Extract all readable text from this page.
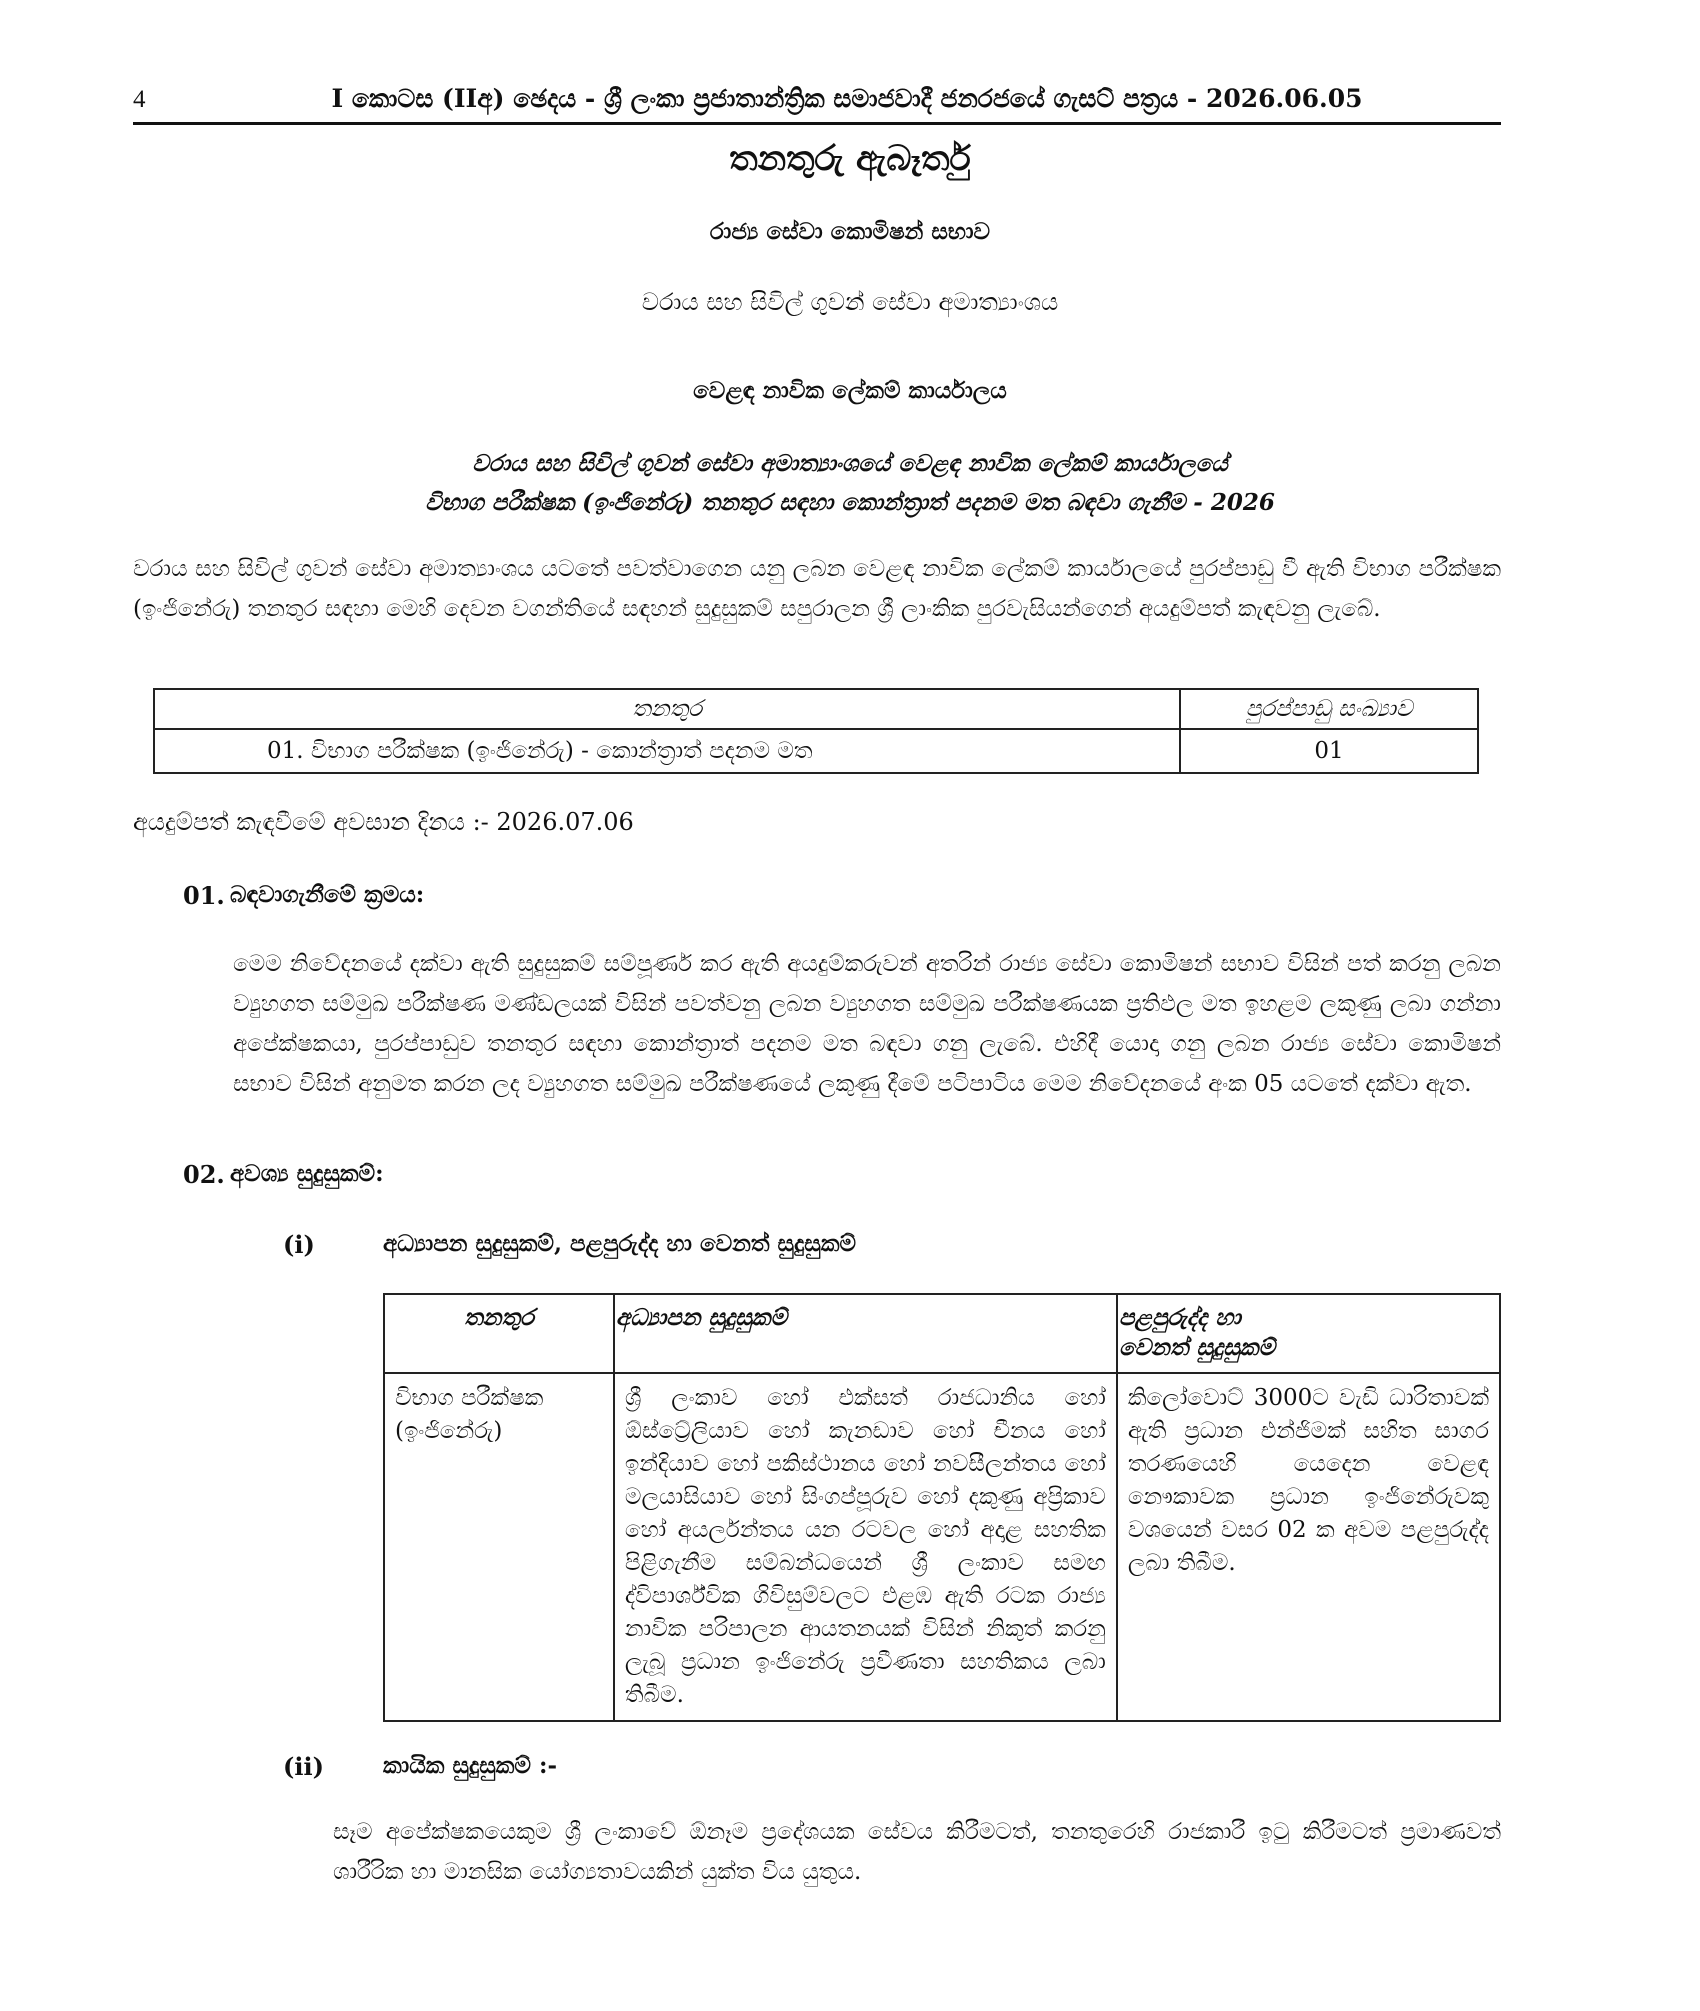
4	I කොටස (IIඅ) ඡෙදය - ශ්‍රී ලංකා ප්‍රජාතාන්ත්‍රික සමාජවාදී ජනරජයේ ගැසට් පත්‍රය - 2026.06.05
තනතුරු ඇබෑර්තු
රාජ්‍ය සේවා කොමිෂන් සභාව
වරාය සහ සිවිල් ගුවන් සේවා අමාත්‍යාංශය
වෙළඳ නාවික ලේකම් කාර්යාලය
වරාය සහ සිවිල් ගුවන් සේවා අමාත්‍යාංශයේ වෙළඳ නාවික ලේකම් කාර්යාලයේ
විභාග පරීක්ෂක (ඉංජිනේරු) තනතුර සඳහා කොන්ත්‍රාත් පදනම මත බඳවා ගැනීම - 2026
වරාය සහ සිවිල් ගුවන් සේවා අමාත්‍යාංශය යටතේ පවත්වාගෙන යනු ලබන වෙළඳ නාවික ලේකම් කාර්යාලයේ පුරප්පාඩු වී ඇති විභාග පරීක්ෂක (ඉංජිනේරු) තනතුර සඳහා මෙහි දෙවන වගන්තියේ සඳහන් සුදුසුකම් සපුරාලන ශ්‍රී ලාංකික පුරවැසියන්ගෙන් අයදුම්පත් කැඳවනු ලැබේ.
තනතුර	පුරප්පාඩු සංඛ්‍යාව
01. විභාග පරීක්ෂක (ඉංජිනේරු) - කොන්ත්‍රාත් පදනම මත	01
අයදුම්පත් කැඳවීමේ අවසාන දිනය :- 2026.07.06
01. බඳවාගැනීමේ ක්‍රමය:
මෙම නිවේදනයේ දක්වා ඇති සුදුසුකම් සම්පූර්ණ කර ඇති අයදුම්කරුවන් අතරින් රාජ්‍ය සේවා කොමිෂන් සභාව විසින් පත් කරනු ලබන ව්‍යුහගත සම්මුඛ පරීක්ෂණ මණ්ඩලයක් විසින් පවත්වනු ලබන ව්‍යුහගත සම්මුඛ පරීක්ෂණයක ප්‍රතිඵල මත ඉහළම ලකුණු ලබා ගන්නා අපේක්ෂකයා, පුරප්පාඩුව තනතුර සඳහා කොන්ත්‍රාත් පදනම මත බඳවා ගනු ලැබේ. එහිදී යොදා ගනු ලබන රාජ්‍ය සේවා කොමිෂන් සභාව විසින් අනුමත කරන ලද ව්‍යුහගත සම්මුඛ පරීක්ෂණයේ ලකුණු දීමේ පටිපාටිය මෙම නිවේදනයේ අංක 05 යටතේ දක්වා ඇත.
02. අවශ්‍ය සුදුසුකම්:
(i)	අධ්‍යාපන සුදුසුකම්, පළපුරුද්ද හා වෙනත් සුදුසුකම්
තනතුර	අධ්‍යාපන සුදුසුකම්	පළපුරුද්ද හා
වෙනත් සුදුසුකම්

විභාග පරීක්ෂක (ඉංජිනේරු)	ශ්‍රී ලංකාව හෝ එක්සත් රාජධානිය හෝ ඕස්ට්‍රේලියාව හෝ කැනඩාව හෝ චීනය හෝ ඉන්දියාව හෝ පකිස්ථානය හෝ නවසීලන්තය හෝ මලයාසියාව හෝ සිංගප්පූරුව හෝ දකුණු අප්‍රිකාව හෝ අයර්ලන්තය යන රටවල හෝ අදාළ සහතික පිළිගැනීම සම්බන්ධයෙන් ශ්‍රී ලංකාව සමඟ ද්විපාර්ශ්වික ගිවිසුම්වලට එළඹ ඇති රටක රාජ්‍ය නාවික පරිපාලන ආයතනයක් විසින් නිකුත් කරනු ලැබූ ප්‍රධාන ඉංජිනේරු ප්‍රවීණතා සහතිකය ලබා තිබීම.	කිලෝවොට් 3000ට වැඩි ධාරිතාවක් ඇති ප්‍රධාන එන්ජිමක් සහිත සාගර තරණයෙහි යෙදෙන වෙළඳ නෞකාවක ප්‍රධාන ඉංජිනේරුවකු වශයෙන් වසර 02 ක අවම පළපුරුද්ද ලබා තිබීම.
(ii)	කායික සුදුසුකම් :-
සෑම අපේක්ෂකයෙකුම ශ්‍රී ලංකාවේ ඕනෑම ප්‍රදේශයක සේවය කිරීමටත්, තනතුරෙහි රාජකාරී ඉටු කිරීමටත් ප්‍රමාණවත් ශාරීරික හා මානසික යෝග්‍යතාවයකින් යුක්ත විය යුතුය.
